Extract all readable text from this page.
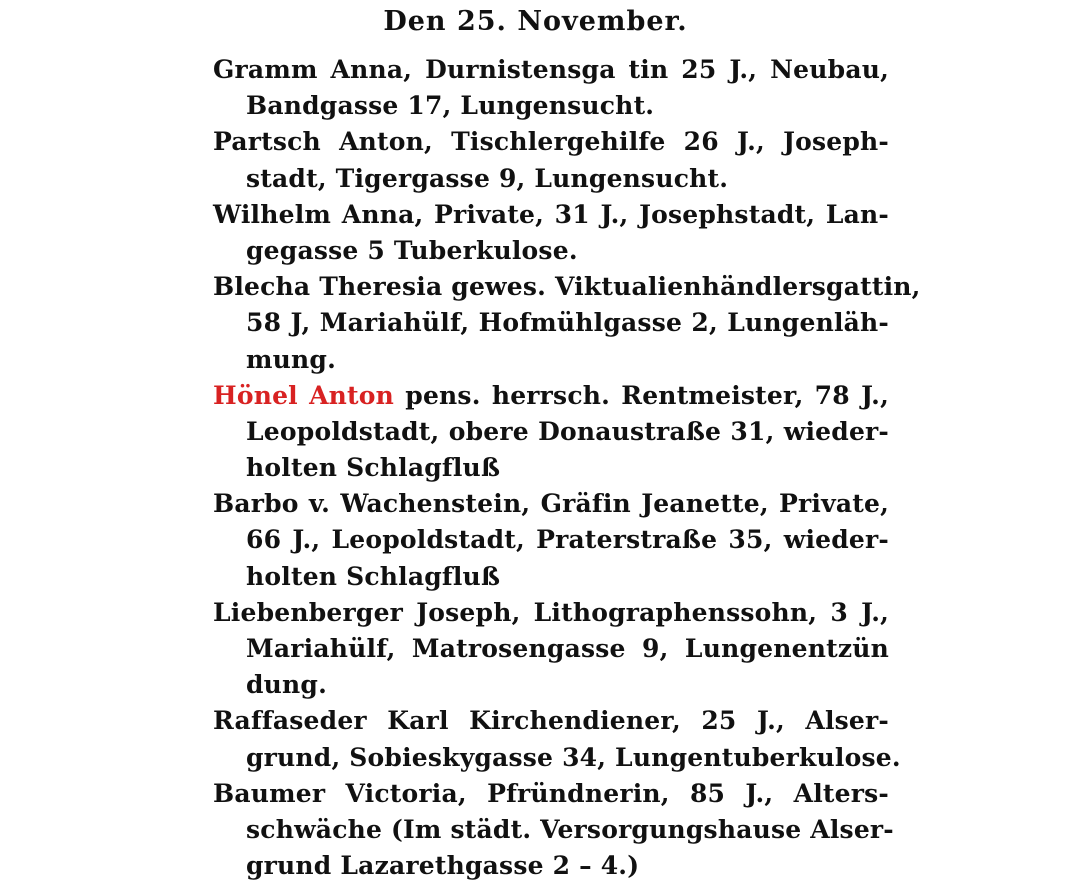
Den 25. November.
Gramm Anna, Durnistensga tin 25 J., Neubau,
Bandgasse 17, Lungensucht.
Partsch Anton, Tischlergehilfe 26 J., Joseph-
stadt, Tigergasse 9, Lungensucht.
Wilhelm Anna, Private, 31 J., Josephstadt, Lan-
gegasse 5 Tuberkulose.
Blecha Theresia gewes. Viktualienhändlersgattin,
58 J, Mariahülf, Hofmühlgasse 2, Lungenläh-
mung.
Hönel Anton pens. herrsch. Rentmeister, 78 J.,
Leopoldstadt, obere Donaustraße 31, wieder-
holten Schlagfluß
Barbo v. Wachenstein, Gräfin Jeanette, Private,
66 J., Leopoldstadt, Praterstraße 35, wieder-
holten Schlagfluß
Liebenberger Joseph, Lithographenssohn, 3 J.,
Mariahülf, Matrosengasse 9, Lungenentzün
dung.
Raffaseder Karl Kirchendiener, 25 J., Alser-
grund, Sobieskygasse 34, Lungentuberkulose.
Baumer Victoria, Pfründnerin, 85 J., Alters-
schwäche (Im städt. Versorgungshause Alser-
grund Lazarethgasse 2 – 4.)
